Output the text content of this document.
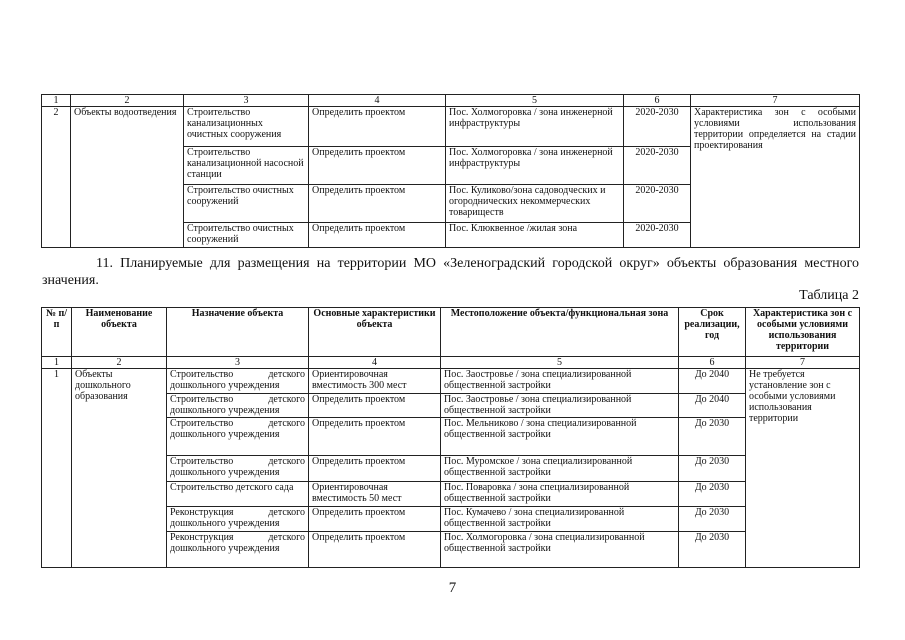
1	2	3	4	5	6	7
2	Объекты водоотведения	Строительство канализационных очистных сооружения	Определить проектом	Пос. Холмогоровка / зона инженерной инфраструктуры	2020-2030	Характеристика зон с особыми условиями использования территории определяется на стадии проектирования
		Строительство канализационной насосной станции	Определить проектом	Пос. Холмогоровка / зона инженерной инфраструктуры	2020-2030	
		Строительство очистных сооружений	Определить проектом	Пос. Куликово/зона садоводческих и огороднических некоммерческих товариществ	2020-2030	
		Строительство очистных сооружений	Определить проектом	Пос. Клюквенное /жилая зона	2020-2030	

11. Планируемые для размещения на территории МО «Зеленоградский городской округ» объекты образования местного значения.

Таблица 2

№ п/п	Наименование объекта	Назначение объекта	Основные характеристики объекта	Местоположение объекта/функциональная зона	Срок реализации, год	Характеристика зон с особыми условиями использования территории
1	2	3	4	5	6	7
1	Объекты дошкольного образования	Строительство детского дошкольного учреждения	Ориентировочная вместимость 300 мест	Пос. Заостровье / зона специализированной общественной застройки	До 2040	Не требуется установление зон с особыми условиями использования территории
		Строительство детского дошкольного учреждения	Определить проектом	Пос. Заостровье / зона специализированной общественной застройки	До 2040	
		Строительство детского дошкольного учреждения	Определить проектом	Пос. Мельниково / зона специализированной общественной застройки	До 2030	
		Строительство детского дошкольного учреждения	Определить проектом	Пос. Муромское / зона специализированной общественной застройки	До 2030	
		Строительство детского сада	Ориентировочная вместимость 50 мест	Пос. Поваровка / зона специализированной общественной застройки	До 2030	
		Реконструкция детского дошкольного учреждения	Определить проектом	Пос. Кумачево / зона специализированной общественной застройки	До 2030	
		Реконструкция детского дошкольного учреждения	Определить проектом	Пос. Холмогоровка / зона специализированной общественной застройки	До 2030	

7
